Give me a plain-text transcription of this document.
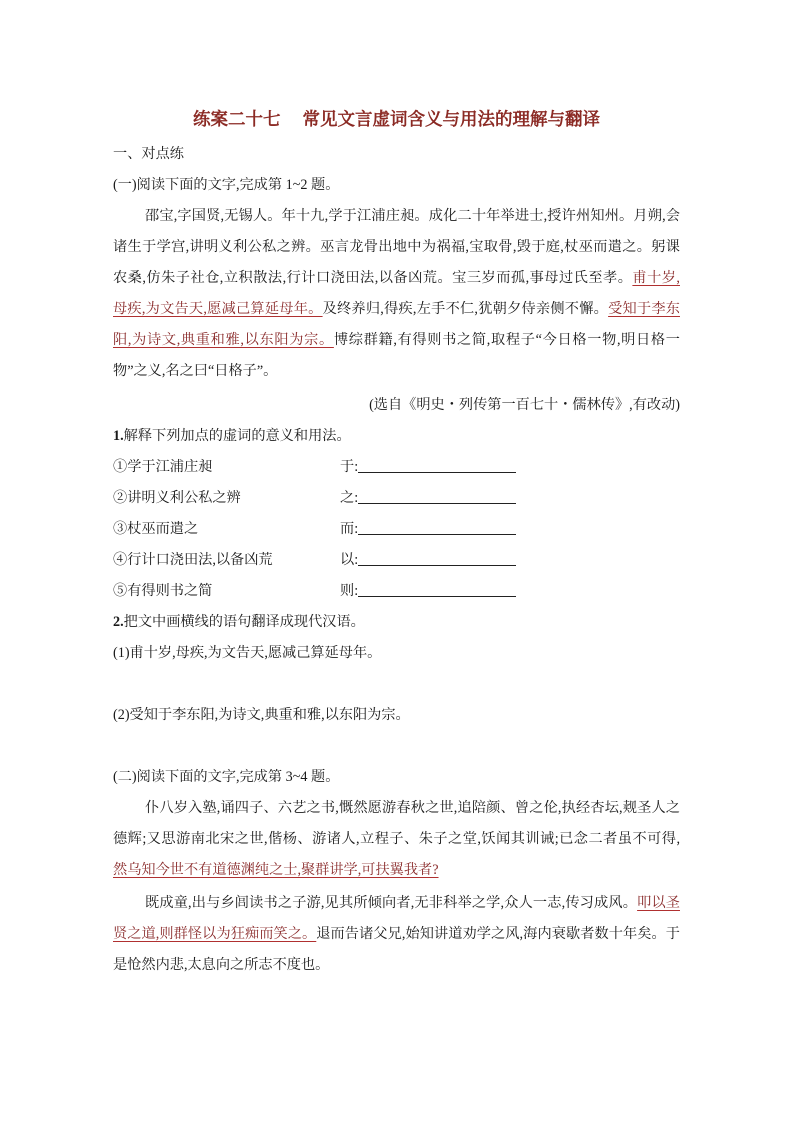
练案二十七 常见文言虚词含义与用法的理解与翻译
一、对点练
(一)阅读下面的文字,完成第 1~2 题。
邵宝,字国贤,无锡人。年十九,学于江浦庄昶。成化二十年举进士,授许州知州。月朔,会
诸生于学宫,讲明义利公私之辨。巫言龙骨出地中为祸福,宝取骨,毁于庭,杖巫而遣之。躬课
农桑,仿朱子社仓,立积散法,行计口浇田法,以备凶荒。宝三岁而孤,事母过氏至孝。甫十岁,
母疾,为文告天,愿减己算延母年。及终养归,得疾,左手不仁,犹朝夕侍亲侧不懈。受知于李东
阳,为诗文,典重和雅,以东阳为宗。博综群籍,有得则书之简,取程子“今日格一物,明日格一
物”之义,名之曰“日格子”。
(选自《明史・列传第一百七十・儒林传》,有改动)
1.解释下列加点的虚词的意义和用法。
①学于江浦庄昶	于:
②讲明义利公私之辨	之:
③杖巫而遣之	而:
④行计口浇田法,以备凶荒	以:
⑤有得则书之简	则:
2.把文中画横线的语句翻译成现代汉语。
(1)甫十岁,母疾,为文告天,愿减己算延母年。
(2)受知于李东阳,为诗文,典重和雅,以东阳为宗。
(二)阅读下面的文字,完成第 3~4 题。
仆八岁入塾,诵四子、六艺之书,慨然愿游春秋之世,追陪颜、曾之伦,执经杏坛,觌圣人之
德辉;又思游南北宋之世,偕杨、游诸人,立程子、朱子之堂,饫闻其训诫;已念二者虽不可得,
然乌知今世不有道德渊纯之士,聚群讲学,可扶翼我者?
既成童,出与乡闾读书之子游,见其所倾向者,无非科举之学,众人一志,传习成风。叩以圣
贤之道,则群怪以为狂痴而笑之。退而告诸父兄,始知讲道劝学之风,海内衰歇者数十年矣。于
是怆然内悲,太息向之所志不度也。
